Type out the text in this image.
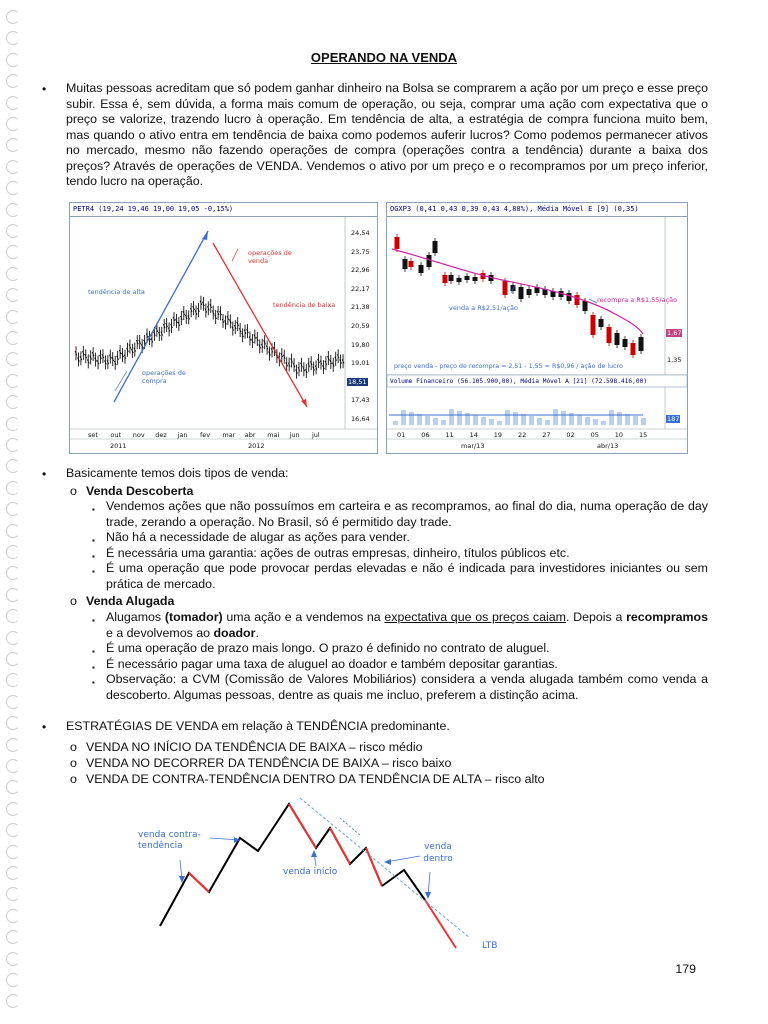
OPERANDO NA VENDA
• Muitas pessoas acreditam que só podem ganhar dinheiro na Bolsa se comprarem a ação por um preço e esse preço subir. Essa é, sem dúvida, a forma mais comum de operação, ou seja, comprar uma ação com expectativa que o preço se valorize, trazendo lucro à operação. Em tendência de alta, a estratégia de compra funciona muito bem, mas quando o ativo entra em tendência de baixa como podemos auferir lucros? Como podemos permanecer ativos no mercado, mesmo não fazendo operações de compra (operações contra a tendência) durante a baixa dos preços? Através de operações de VENDA. Vendemos o ativo por um preço e o recompramos por um preço inferior, tendo lucro na operação.
PETR4 (19,24 19,46 19,00 19,05 -0,15%)
tendência de alta
tendência de baixa
operações de venda
operações de compra
24,54
23,75
22,96
22,17
21,38
20,59
19,80
19,01
18,51
17,43
16,64
set out nov dez jan fev mar abr mai jun jul
2011	2012
OGXP3 (0,41 0,43 0,39 0,43 4,88%), Média Móvel E [9] (0,35)
venda a R$2,51/ação
recompra a R$1,55/ação
preço venda - preço de recompra = 2,51 - 1,55 = R$0,96 / ação de lucro
1,67
1,35
Volume Financeiro (56.105.900,00), Média Móvel A [21] (72.598.416,00)
187
01 06 11 14 19 22 27 02 05 10 15
mar/13	abr/13
• Basicamente temos dois tipos de venda:
o Venda Descoberta
▪ Vendemos ações que não possuímos em carteira e as recompramos, ao final do dia, numa operação de day trade, zerando a operação. No Brasil, só é permitido day trade.
▪ Não há a necessidade de alugar as ações para vender.
▪ É necessária uma garantia: ações de outras empresas, dinheiro, títulos públicos etc.
▪ É uma operação que pode provocar perdas elevadas e não é indicada para investidores iniciantes ou sem prática de mercado.
o Venda Alugada
▪ Alugamos (tomador) uma ação e a vendemos na expectativa que os preços caiam. Depois a recompramos e a devolvemos ao doador.
▪ É uma operação de prazo mais longo. O prazo é definido no contrato de aluguel.
▪ É necessário pagar uma taxa de aluguel ao doador e também depositar garantias.
▪ Observação: a CVM (Comissão de Valores Mobiliários) considera a venda alugada também como venda a descoberto. Algumas pessoas, dentre as quais me incluo, preferem a distinção acima.
• ESTRATÉGIAS DE VENDA em relação à TENDÊNCIA predominante.
o VENDA NO INÍCIO DA TENDÊNCIA DE BAIXA – risco médio
o VENDA NO DECORRER DA TENDÊNCIA DE BAIXA – risco baixo
o VENDA DE CONTRA-TENDÊNCIA DENTRO DA TENDÊNCIA DE ALTA – risco alto
venda contra-tendência
venda início
venda dentro
LTB
179
